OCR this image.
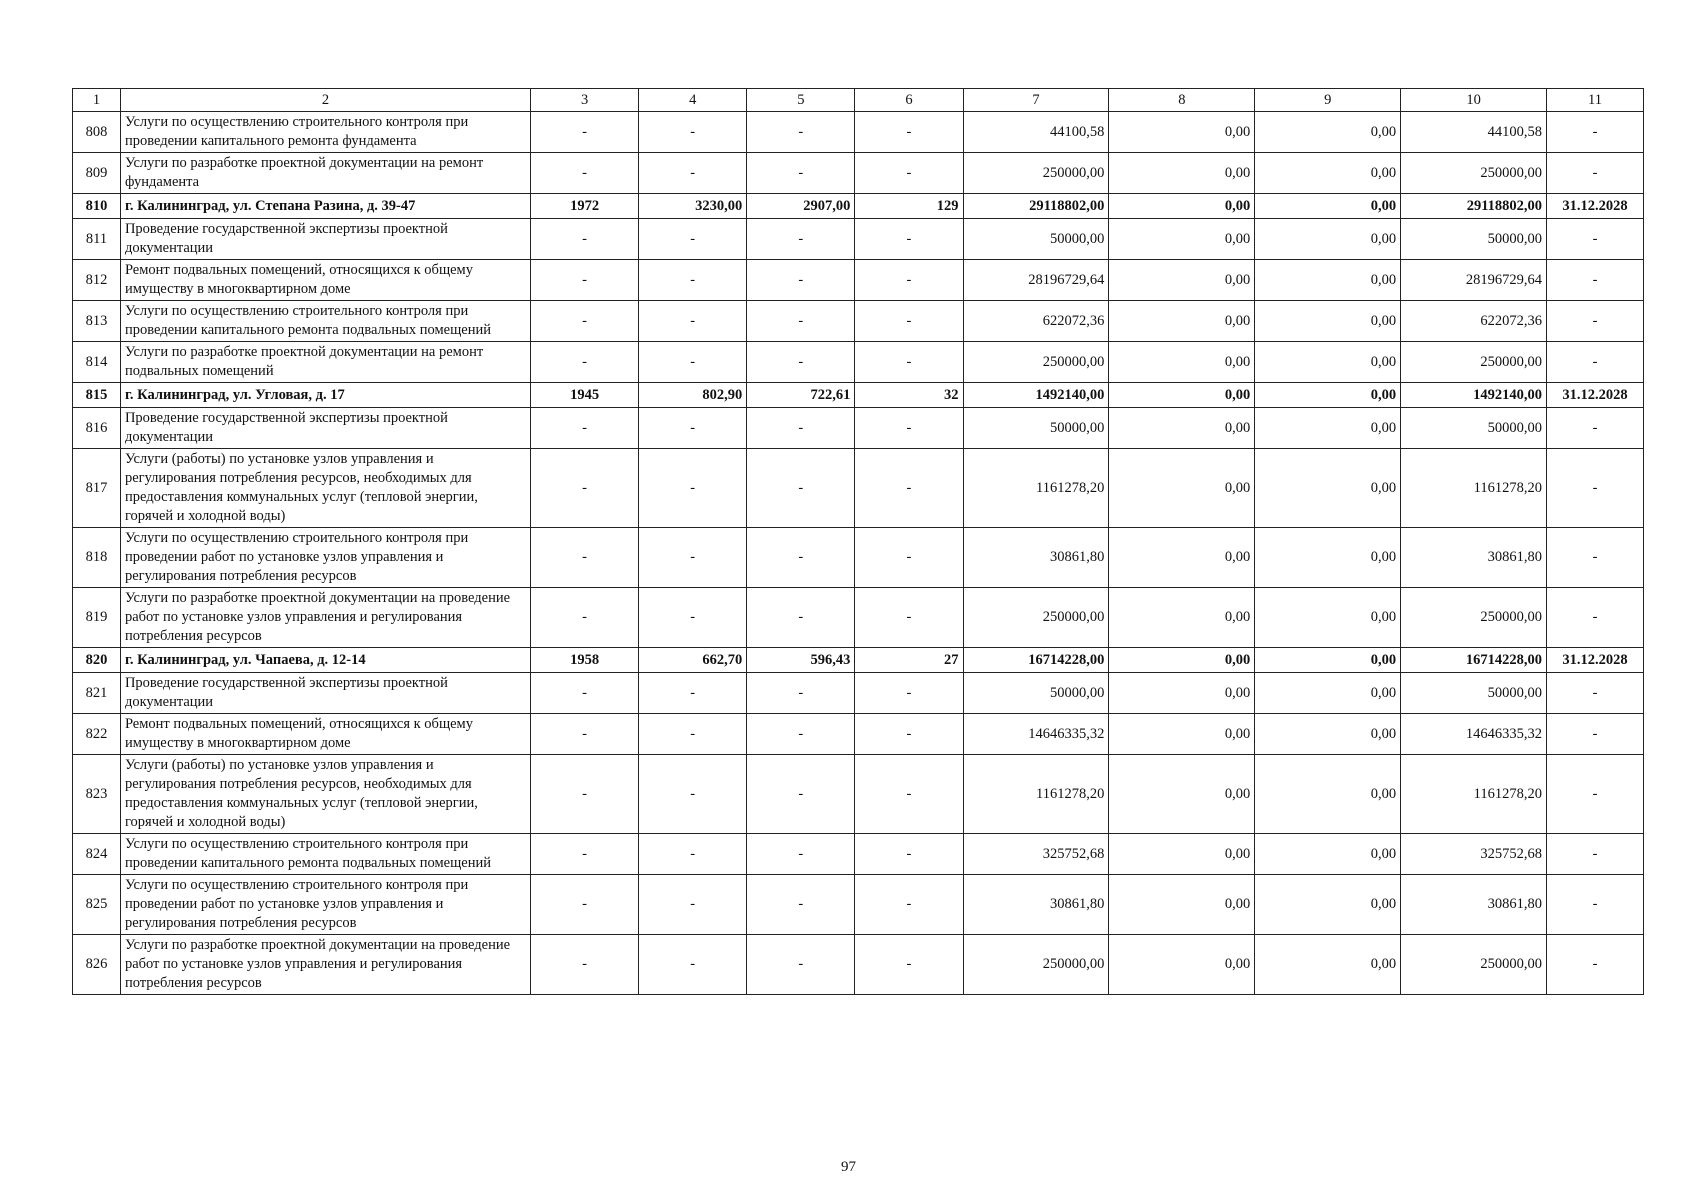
1	2	3	4	5	6	7	8	9	10	11
808	Услуги по осуществлению строительного контроля при проведении капитального ремонта фундамента	-	-	-	-	44100,58	0,00	0,00	44100,58	-
809	Услуги по разработке проектной документации на ремонт фундамента	-	-	-	-	250000,00	0,00	0,00	250000,00	-
810	г. Калининград, ул. Степана Разина, д. 39-47	1972	3230,00	2907,00	129	29118802,00	0,00	0,00	29118802,00	31.12.2028
811	Проведение государственной экспертизы проектной документации	-	-	-	-	50000,00	0,00	0,00	50000,00	-
812	Ремонт подвальных помещений, относящихся к общему имуществу в многоквартирном доме	-	-	-	-	28196729,64	0,00	0,00	28196729,64	-
813	Услуги по осуществлению строительного контроля при проведении капитального ремонта подвальных помещений	-	-	-	-	622072,36	0,00	0,00	622072,36	-
814	Услуги по разработке проектной документации на ремонт подвальных помещений	-	-	-	-	250000,00	0,00	0,00	250000,00	-
815	г. Калининград, ул. Угловая, д. 17	1945	802,90	722,61	32	1492140,00	0,00	0,00	1492140,00	31.12.2028
816	Проведение государственной экспертизы проектной документации	-	-	-	-	50000,00	0,00	0,00	50000,00	-
817	Услуги (работы) по установке узлов управления и регулирования потребления ресурсов, необходимых для предоставления коммунальных услуг (тепловой энергии, горячей и холодной воды)	-	-	-	-	1161278,20	0,00	0,00	1161278,20	-
818	Услуги по осуществлению строительного контроля при проведении работ по установке узлов управления и регулирования потребления ресурсов	-	-	-	-	30861,80	0,00	0,00	30861,80	-
819	Услуги по разработке проектной документации на проведение работ по установке узлов управления и регулирования потребления ресурсов	-	-	-	-	250000,00	0,00	0,00	250000,00	-
820	г. Калининград, ул. Чапаева, д. 12-14	1958	662,70	596,43	27	16714228,00	0,00	0,00	16714228,00	31.12.2028
821	Проведение государственной экспертизы проектной документации	-	-	-	-	50000,00	0,00	0,00	50000,00	-
822	Ремонт подвальных помещений, относящихся к общему имуществу в многоквартирном доме	-	-	-	-	14646335,32	0,00	0,00	14646335,32	-
823	Услуги (работы) по установке узлов управления и регулирования потребления ресурсов, необходимых для предоставления коммунальных услуг (тепловой энергии, горячей и холодной воды)	-	-	-	-	1161278,20	0,00	0,00	1161278,20	-
824	Услуги по осуществлению строительного контроля при проведении капитального ремонта подвальных помещений	-	-	-	-	325752,68	0,00	0,00	325752,68	-
825	Услуги по осуществлению строительного контроля при проведении работ по установке узлов управления и регулирования потребления ресурсов	-	-	-	-	30861,80	0,00	0,00	30861,80	-
826	Услуги по разработке проектной документации на проведение работ по установке узлов управления и регулирования потребления ресурсов	-	-	-	-	250000,00	0,00	0,00	250000,00	-
97
